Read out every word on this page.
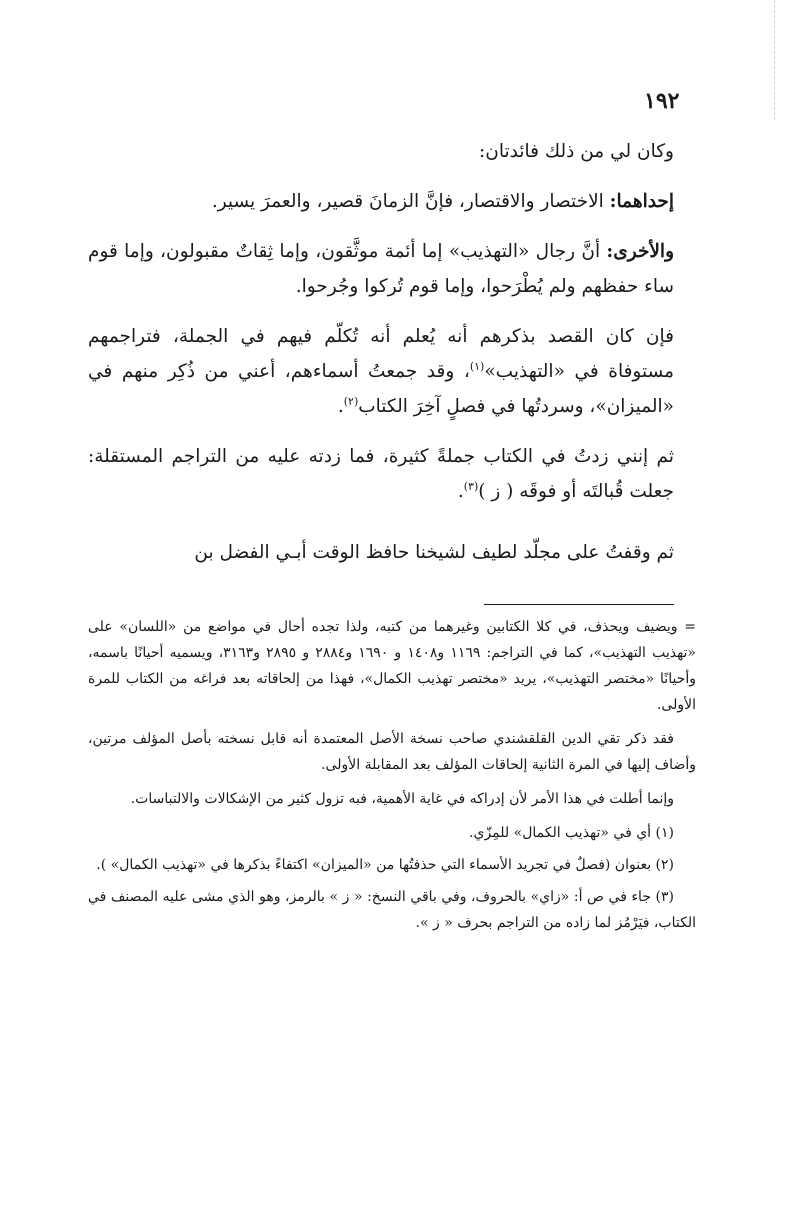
١٩٢

وكان لي من ذلك فائدتان:

إحداهما: الاختصار والاقتصار، فإنَّ الزمانَ قصير، والعمرَ يسير.

والأخرى: أنَّ رجال «التهذيب» إما أئمة موثَّقون، وإما ثِقاتٌ مقبولون، وإما قوم ساء حفظهم ولم يُطْرَحوا، وإما قوم تُركوا وجُرحوا.

فإن كان القصد بذكرهم أنه يُعلم أنه تُكلّم فيهم في الجملة، فتراجمهم مستوفاة في «التهذيب»$^{(١)}$، وقد جمعتُ أسماءهم، أعني من ذُكِر منهم في «الميزان»، وسردتُها في فصلٍ آخِرَ الكتاب$^{(٢)}$.

ثم إنني زدتُ في الكتاب جملةً كثيرة، فما زدته عليه من التراجم المستقلة: جعلت قُبالتَه أو فوقَه ( ز )$^{(٣)}$.

ثم وقفتُ على مجلّد لطيف لشيخنا حافظ الوقت أبـي الفضل بن

= ويضيف ويحذف، في كلا الكتابين وغيرهما من كتبه، ولذا تجده أحال في مواضع من «اللسان» على «تهذيب التهذيب»، كما في التراجم: ١١٦٩ و١٤٠٨ و ١٦٩٠ و٢٨٨٤ و ٢٨٩٥ و٣١٦٣، ويسميه أحيانًا باسمه، وأحيانًا «مختصر التهذيب»، يريد «مختصر تهذيب الكمال»، فهذا من إلحاقاته بعد فراغه من الكتاب للمرة الأولى.

فقد ذكر تقي الدين القلقشندي صاحب نسخة الأصل المعتمدة أنه قابل نسخته بأصل المؤلف مرتين، وأضاف إليها في المرة الثانية إلحاقات المؤلف بعد المقابلة الأولى.

وإنما أطلت في هذا الأمر لأن إدراكه في غاية الأهمية، فبه تزول كثير من الإشكالات والالتباسات.

(١) أي في «تهذيب الكمال» للمِزّي.

(٢) بعنوان (فصلٌ في تجريد الأسماء التي حذفتُها من «الميزان» اكتفاءً بذكرها في «تهذيب الكمال» ).

(٣) جاء في ص أ: «زاي» بالحروف، وفي باقي النسخ: « ز » بالرمز، وهو الذي مشى عليه المصنف في الكتاب، فيَرْمُز لما زاده من التراجم بحرف « ز ».
